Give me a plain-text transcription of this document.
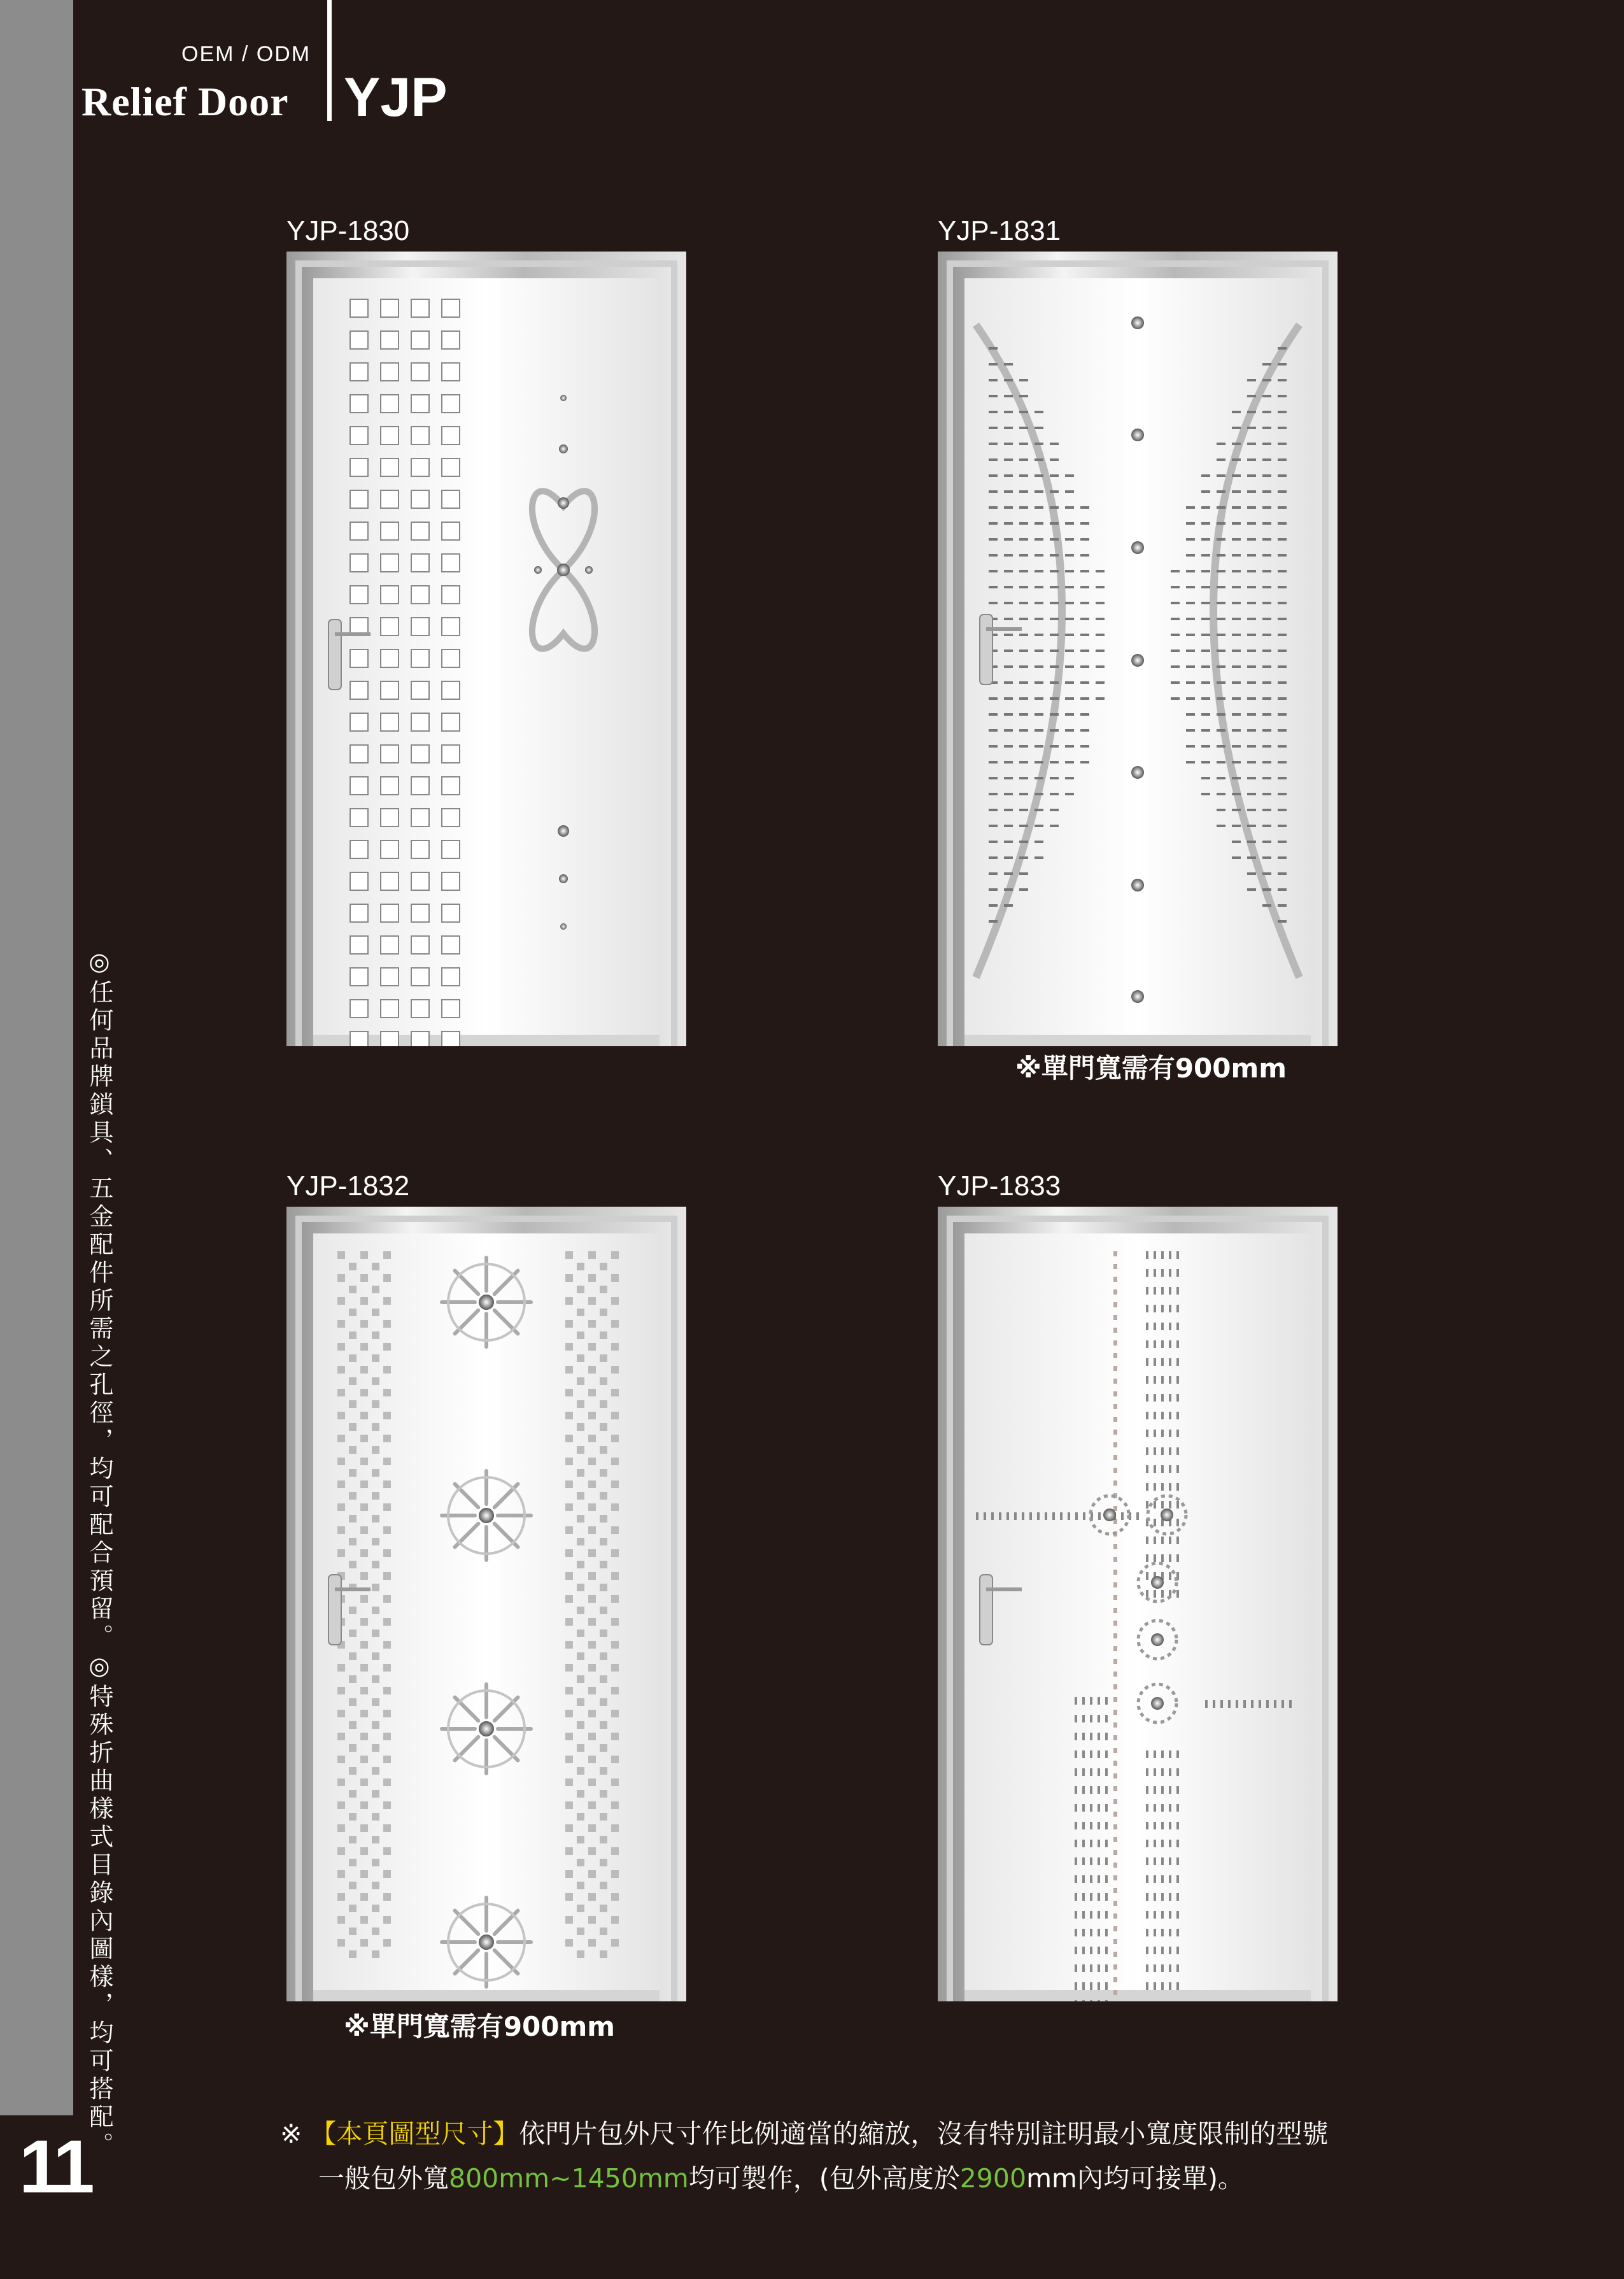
◎任何品牌鎖具、五金配件所需之孔徑，均可配合預留。◎特殊折曲樣式目錄內圖樣，均可搭配。
11
OEM / ODM
Relief Door YJP
YJP-1830	YJP-1831
YJP-1832	YJP-1833
※單門寬需有900mm
※單門寬需有900mm
※ 【本頁圖型尺寸】依門片包外尺寸作比例適當的縮放，沒有特別註明最小寬度限制的型號
一般包外寬800mm~1450mm均可製作，(包外高度於2900mm內均可接單)。
